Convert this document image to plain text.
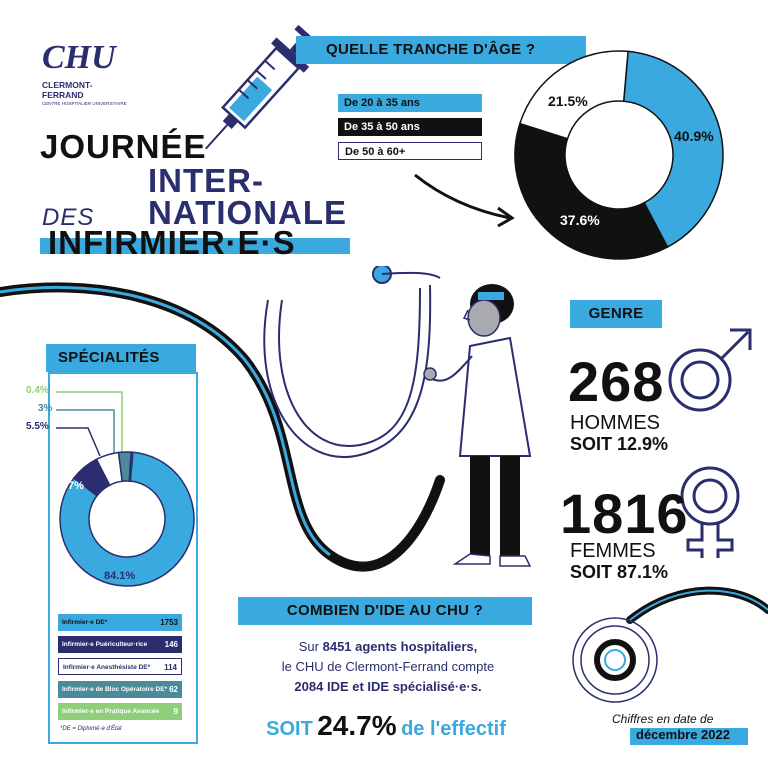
CHU
CLERMONT-FERRAND
CENTRE HOSPITALIER UNIVERSITAIRE
JOURNÉE
INTER-
NATIONALE
DES
INFIRMIER·E·S
QUELLE TRANCHE D'ÂGE ?
De 20 à 35 ans
De 35 à 50 ans
De 50 à 60+
40.9%
37.6%
21.5%
GENRE
268
HOMMES
SOIT 12.9%
1816
FEMMES
SOIT 87.1%
SPÉCIALITÉS
0.4%
3%
5.5%
7%
84.1%
Infirmier·e DE*	1753
Infirmier·e Puériculteur·rice 146
Infirmier·e Anesthésiste DE* 114
Infirmier·e de Bloc Opératoire DE* 62
Infirmier·e en Pratique Avancée 9
*DE = Diplomé·e d'État
COMBIEN D'IDE AU CHU ?
Sur 8451 agents hospitaliers,
le CHU de Clermont-Ferrand compte
2084 IDE et IDE spécialisé·e·s.
SOIT 24.7% de l'effectif	Chiffres en date de
décembre 2022
